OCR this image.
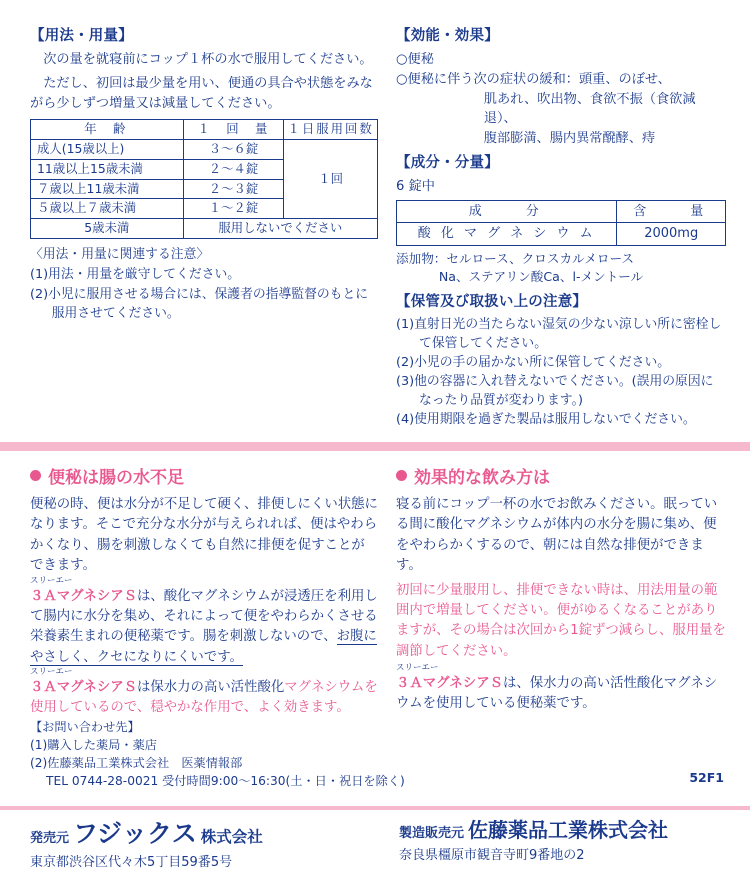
【用法・用量】

次の量を就寝前にコップ１杯の水で服用してください。

ただし、初回は最少量を用い、便通の具合や状態をみながら少しずつ増量又は減量してください。

年　齢	１　回　量	１日服用回数
成人(15歳以上)	３～６錠	１回
11歳以上15歳未満	２～４錠	
７歳以上11歳未満	２～３錠	
５歳以上７歳未満	１～２錠	
5歳未満	服用しないでください	
〈用法・用量に関連する注意〉
(1)用法・用量を厳守してください。
(2)小児に服用させる場合には、保護者の指導監督のもとに服用させてください。
【効能・効果】
○便秘
○便秘に伴う次の症状の緩和：頭重、のぼせ、
肌あれ、吹出物、食欲不振（食欲減退）、
腹部膨満、腸内異常醗酵、痔
【成分・分量】
6 錠中
成　　分	含　　量
酸 化 マ グ ネ シ ウ ム	2000mg
添加物：セルロース、クロスカルメロース
Na、ステアリン酸Ca、l-メントール
【保管及び取扱い上の注意】
(1)直射日光の当たらない湿気の少ない涼しい所に密栓して保管してください。
(2)小児の手の届かない所に保管してください。
(3)他の容器に入れ替えないでください。(誤用の原因になったり品質が変わります。)
(4)使用期限を過ぎた製品は服用しないでください。
便秘は腸の水不足

便秘の時、便は水分が不足して硬く、排便しにくい状態になります。そこで充分な水分が与えられれば、便はやわらかくなり、腸を刺激しなくても自然に排便を促すことができます。

スリーエー

３ＡマグネシアＳは、酸化マグネシウムが浸透圧を利用して腸内に水分を集め、それによって便をやわらかくさせる栄養素生まれの便秘薬です。腸を刺激しないので、お腹にやさしく、クセになりにくいです。

スリーエー

３ＡマグネシアＳは保水力の高い活性酸化マグネシウムを使用しているので、穏やかな作用で、よく効きます。

効果的な飲み方は

寝る前にコップ一杯の水でお飲みください。眠っている間に酸化マグネシウムが体内の水分を腸に集め、便をやわらかくするので、朝には自然な排便ができます。

初回に少量服用し、排便できない時は、用法用量の範囲内で増量してください。便がゆるくなることがありますが、その場合は次回から1錠ずつ減らし、服用量を調節してください。

スリーエー

３ＡマグネシアＳは、保水力の高い活性酸化マグネシウムを使用している便秘薬です。

【お問い合わせ先】
(1)購入した薬局・薬店
(2)佐藤薬品工業株式会社　医薬情報部
　 TEL 0744-28-0021 受付時間9:00～16:30(土・日・祝日を除く)	52F1
発売元 フジックス 株式会社
東京都渋谷区代々木5丁目59番5号
製造販売元 佐藤薬品工業株式会社
奈良県橿原市観音寺町9番地の2
